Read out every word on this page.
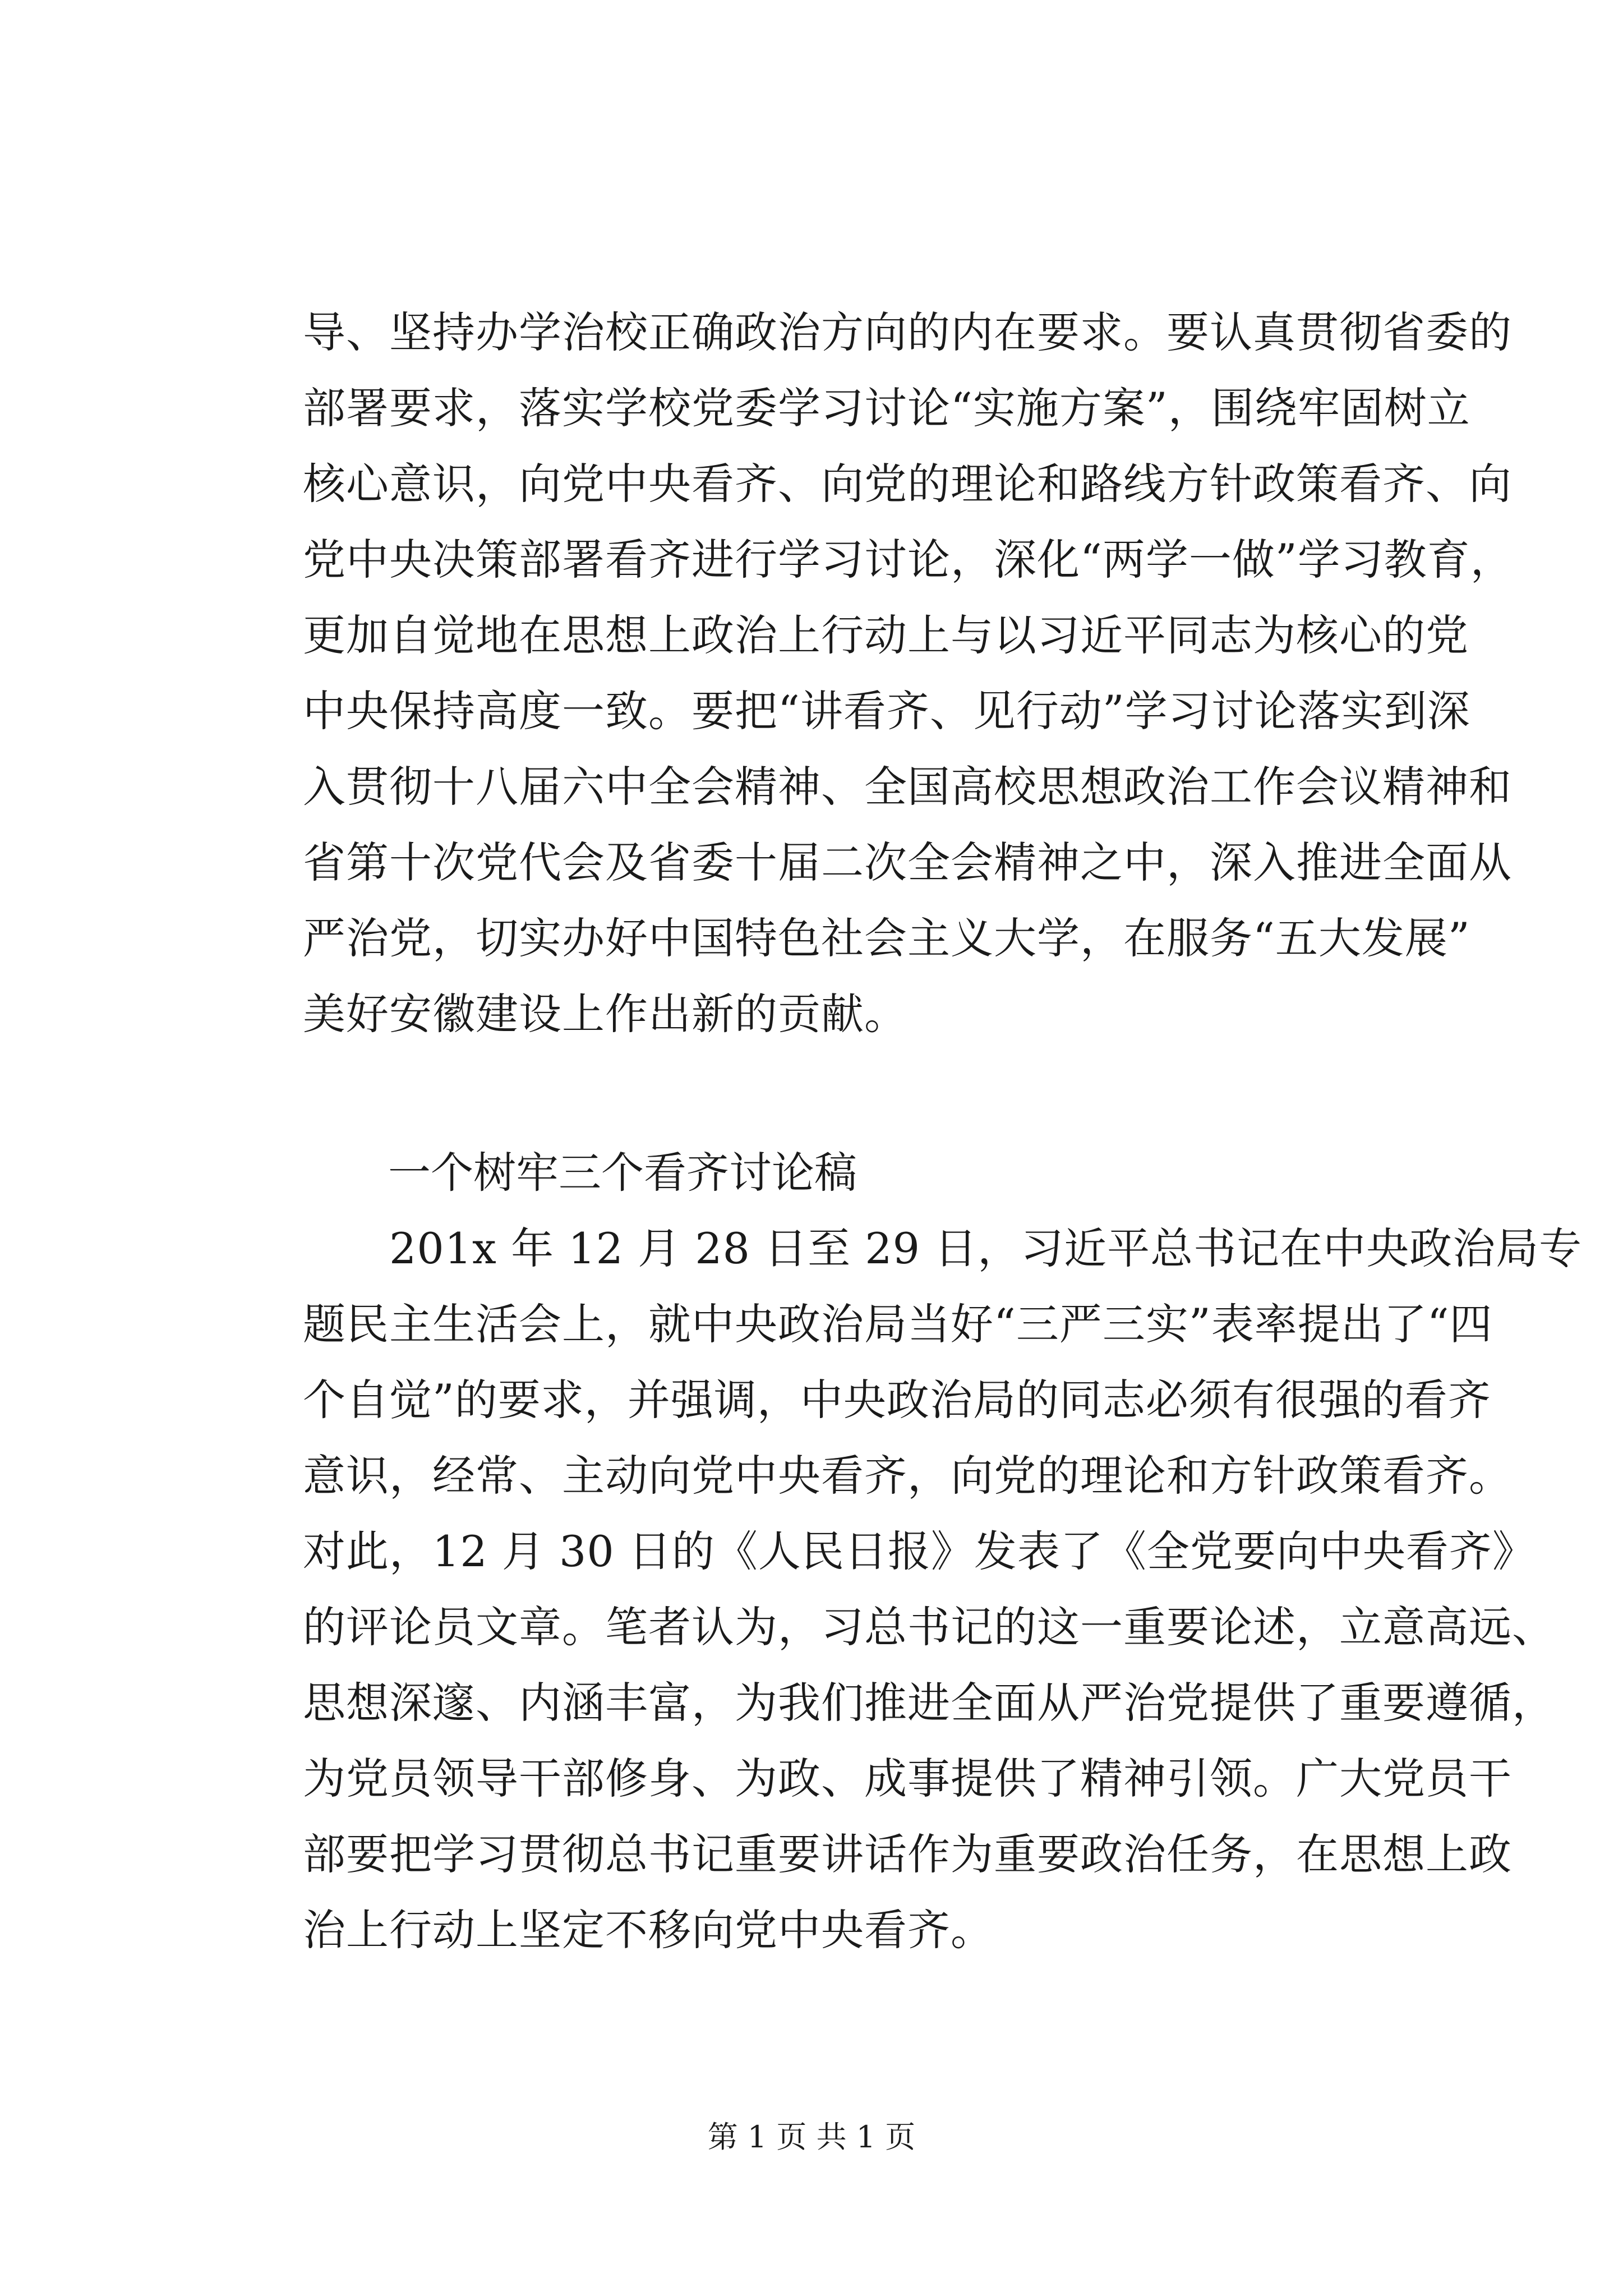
导、坚持办学治校正确政治方向的内在要求。要认真贯彻省委的
部署要求，落实学校党委学习讨论“实施方案”，围绕牢固树立
核心意识，向党中央看齐、向党的理论和路线方针政策看齐、向
党中央决策部署看齐进行学习讨论，深化“两学一做”学习教育，
更加自觉地在思想上政治上行动上与以习近平同志为核心的党
中央保持高度一致。要把“讲看齐、见行动”学习讨论落实到深
入贯彻十八届六中全会精神、全国高校思想政治工作会议精神和
省第十次党代会及省委十届二次全会精神之中，深入推进全面从
严治党，切实办好中国特色社会主义大学，在服务“五大发展”
美好安徽建设上作出新的贡献。
　　一个树牢三个看齐讨论稿
　　201x 年 12 月 28 日至 29 日，习近平总书记在中央政治局专
题民主生活会上，就中央政治局当好“三严三实”表率提出了“四
个自觉”的要求，并强调，中央政治局的同志必须有很强的看齐
意识，经常、主动向党中央看齐，向党的理论和方针政策看齐。
对此，12 月 30 日的《人民日报》发表了《全党要向中央看齐》
的评论员文章。笔者认为，习总书记的这一重要论述，立意高远、
思想深邃、内涵丰富，为我们推进全面从严治党提供了重要遵循，
为党员领导干部修身、为政、成事提供了精神引领。广大党员干
部要把学习贯彻总书记重要讲话作为重要政治任务，在思想上政
治上行动上坚定不移向党中央看齐。
第 1 页 共 1 页
